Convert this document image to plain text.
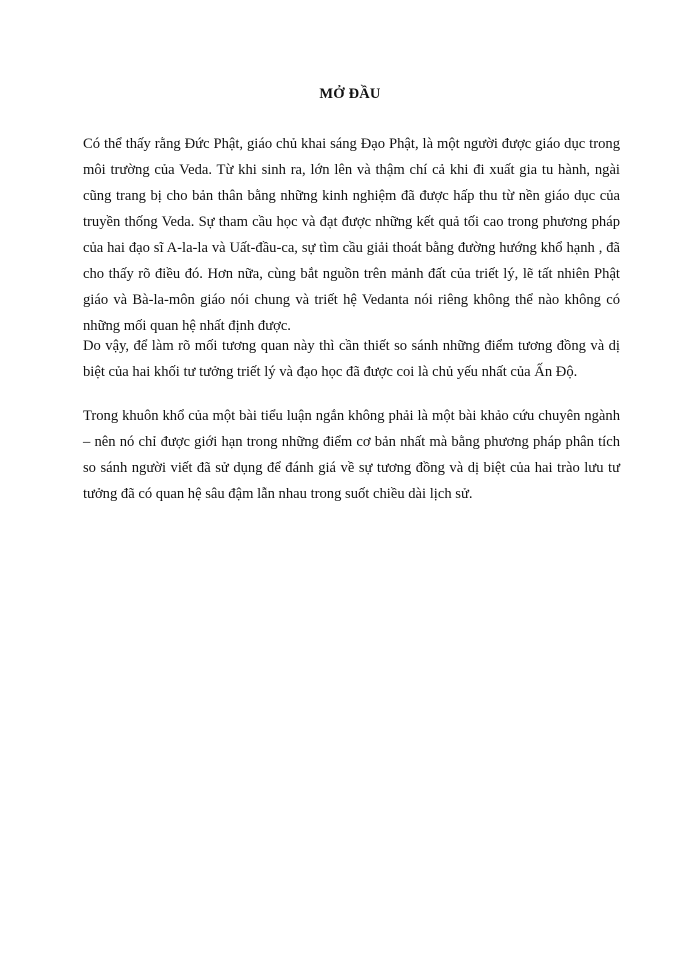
MỞ ĐẦU

Có thể thấy rằng Đức Phật, giáo chủ khai sáng Đạo Phật, là một người được giáo dục trong môi trường của Veda. Từ khi sinh ra, lớn lên và thậm chí cả khi đi xuất gia tu hành, ngài cũng trang bị cho bản thân bằng những kinh nghiệm đã được hấp thu từ nền giáo dục của truyền thống Veda. Sự tham cầu học và đạt được những kết quả tối cao trong phương pháp của hai đạo sĩ A-la-la và Uất-đầu-ca, sự tìm cầu giải thoát bằng đường hướng khổ hạnh , đã cho thấy rõ điều đó. Hơn nữa, cùng bắt nguồn trên mảnh đất của triết lý, lẽ tất nhiên Phật giáo và Bà-la-môn giáo nói chung và triết hệ Vedanta nói riêng không thể nào không có những mối quan hệ nhất định được.

Do vậy, để làm rõ mối tương quan này thì cần thiết so sánh những điểm tương đồng và dị biệt của hai khối tư tưởng triết lý và đạo học đã được coi là chủ yếu nhất của Ấn Độ.

Trong khuôn khổ của một bài tiểu luận ngắn không phải là một bài khảo cứu chuyên ngành – nên nó chỉ được giới hạn trong những điểm cơ bản nhất mà bằng phương pháp phân tích so sánh người viết đã sử dụng để đánh giá về sự tương đồng và dị biệt của hai trào lưu tư tưởng đã có quan hệ sâu đậm lẫn nhau trong suốt chiều dài lịch sử.
